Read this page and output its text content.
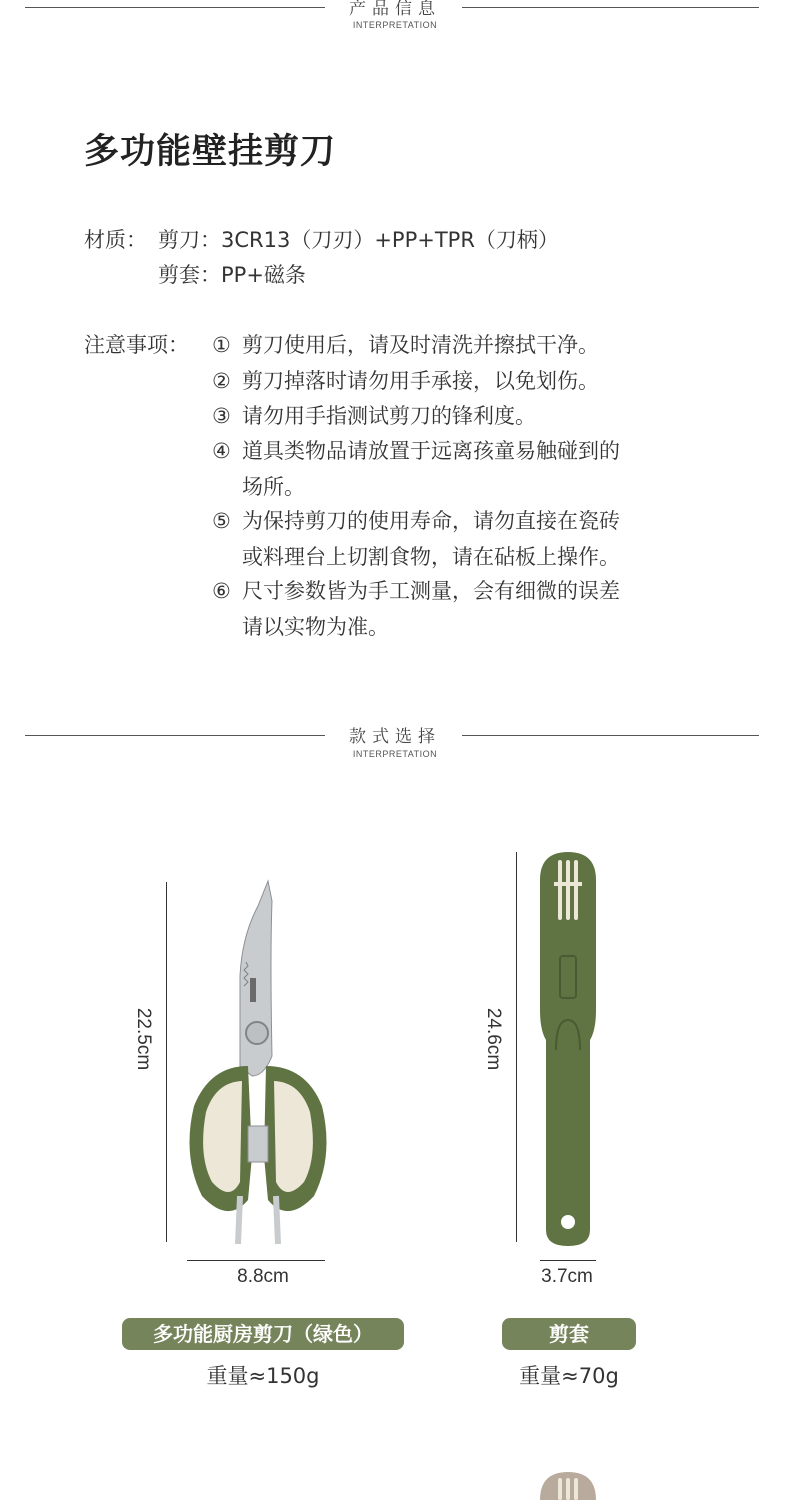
产品信息
INTERPRETATION
多功能壁挂剪刀
材质： 剪刀：3CR13（刀刃）+PP+TPR（刀柄）
剪套：PP+磁条
注意事项： ① 剪刀使用后，请及时清洗并擦拭干净。
② 剪刀掉落时请勿用手承接，以免划伤。
③ 请勿用手指测试剪刀的锋利度。
④ 道具类物品请放置于远离孩童易触碰到的
场所。
⑤ 为保持剪刀的使用寿命，请勿直接在瓷砖
或料理台上切割食物，请在砧板上操作。
⑥ 尺寸参数皆为手工测量，会有细微的误差
请以实物为准。
款式选择
INTERPRETATION
22.5cm
8.8cm
24.6cm
3.7cm
多功能厨房剪刀（绿色）	剪套
重量≈150g	重量≈70g
